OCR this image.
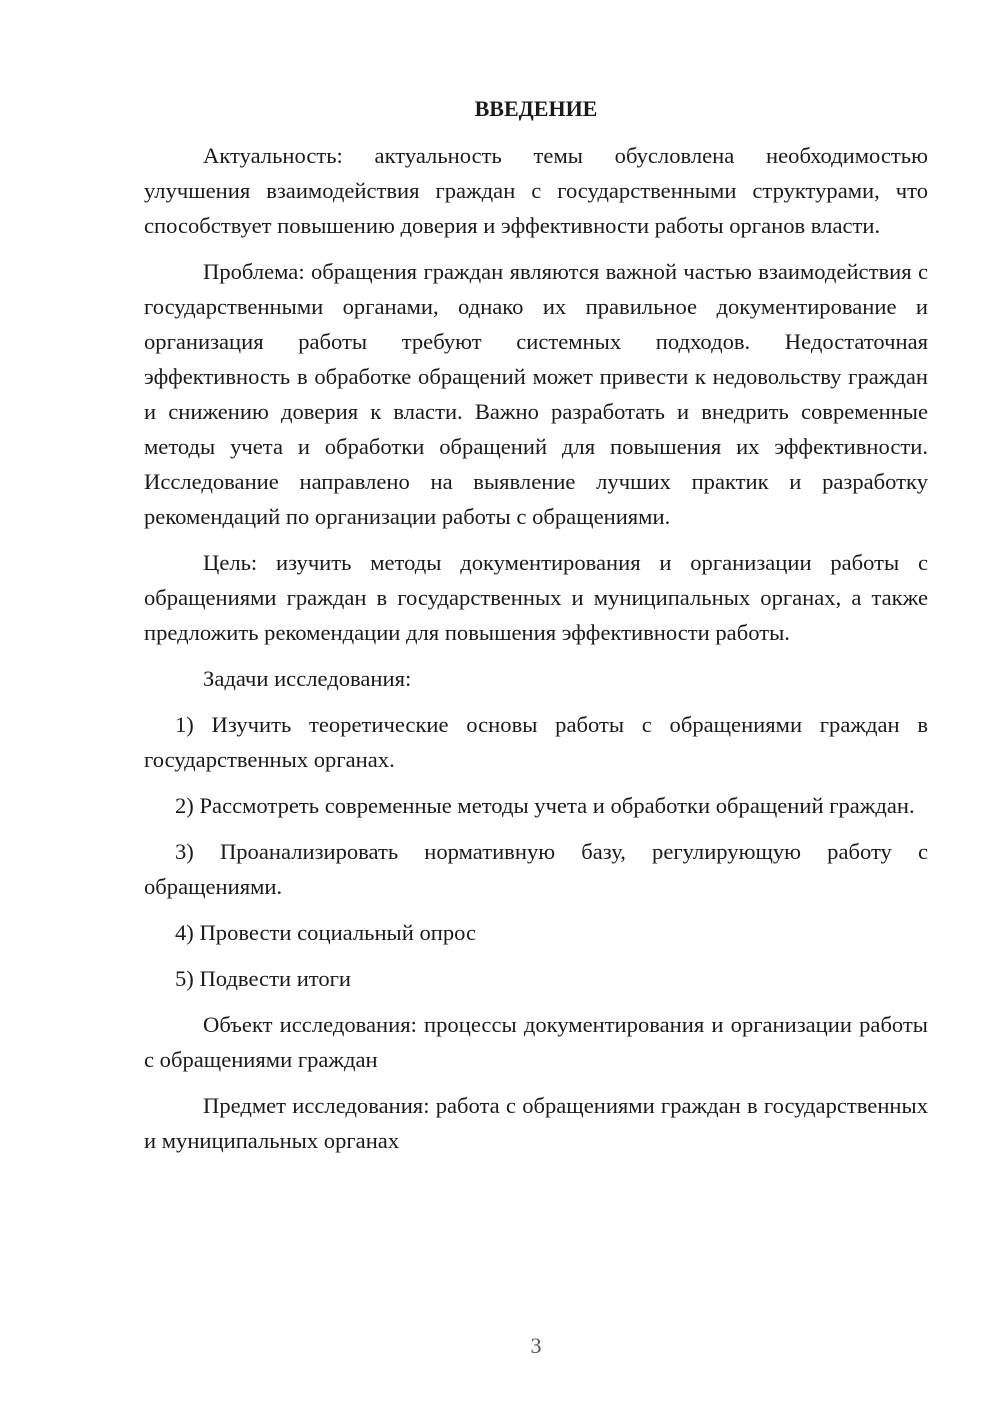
ВВЕДЕНИЕ

Актуальность: актуальность темы обусловлена необходимостью улучшения взаимодействия граждан с государственными структурами, что способствует повышению доверия и эффективности работы органов власти.

Проблема: обращения граждан являются важной частью взаимодействия с государственными органами, однако их правильное документирование и организация работы требуют системных подходов. Недостаточная эффективность в обработке обращений может привести к недовольству граждан и снижению доверия к власти. Важно разработать и внедрить современные методы учета и обработки обращений для повышения их эффективности. Исследование направлено на выявление лучших практик и разработку рекомендаций по организации работы с обращениями.

Цель: изучить методы документирования и организации работы с обращениями граждан в государственных и муниципальных органах, а также предложить рекомендации для повышения эффективности работы.

Задачи исследования:

1) Изучить теоретические основы работы с обращениями граждан в государственных органах.

2) Рассмотреть современные методы учета и обработки обращений граждан.

3) Проанализировать нормативную базу, регулирующую работу с обращениями.

4) Провести социальный опрос

5) Подвести итоги

Объект исследования: процессы документирования и организации работы с обращениями граждан

Предмет исследования: работа с обращениями граждан в государственных и муниципальных органах

3
